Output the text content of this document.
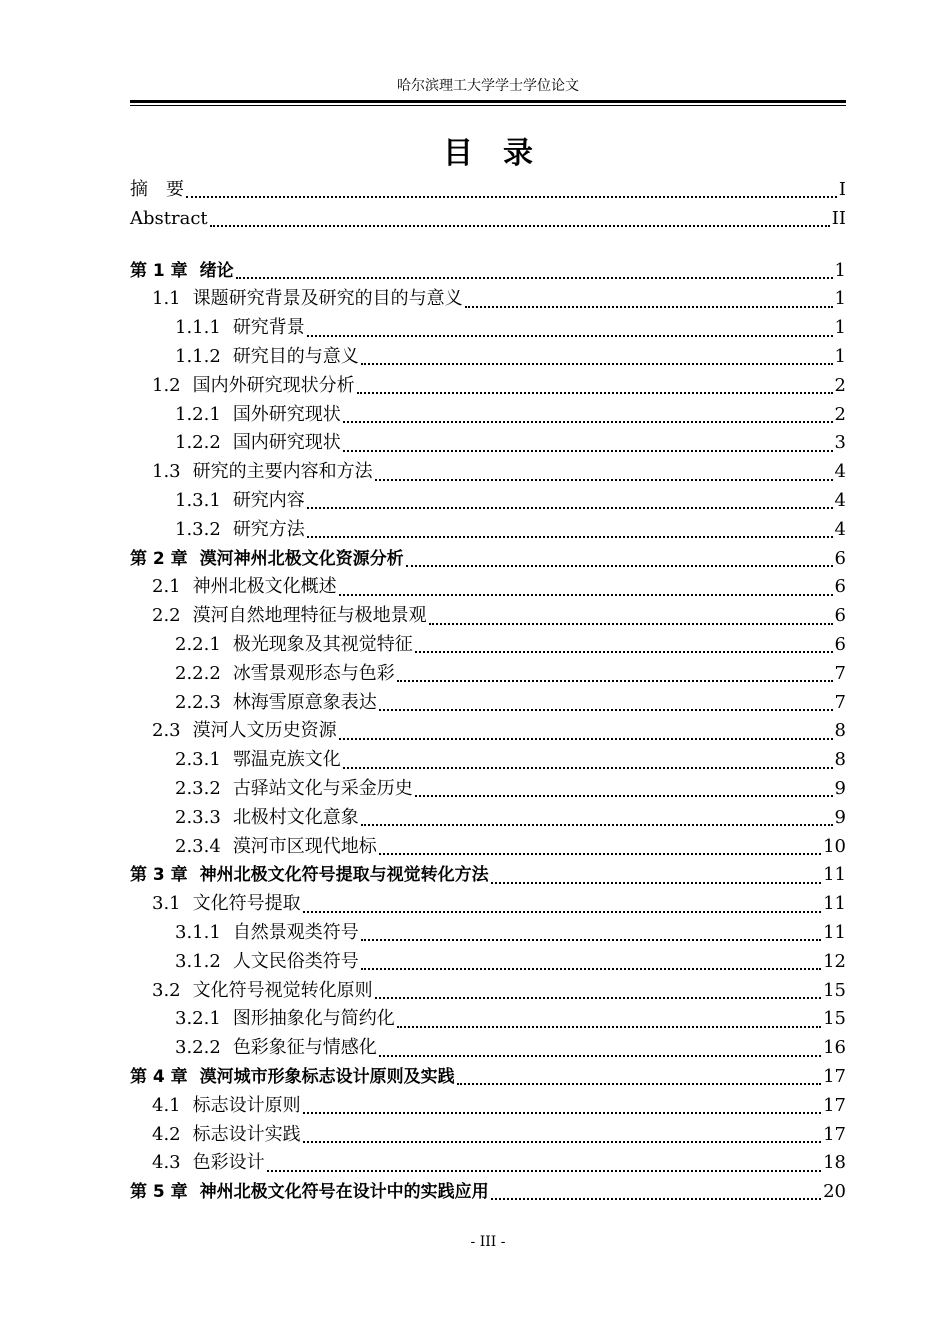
哈尔滨理工大学学士学位论文
目　录
摘　要	I
Abstract	II
第 1 章 绪论	1
1.1 课题研究背景及研究的目的与意义	1
1.1.1 研究背景	1
1.1.2 研究目的与意义	1
1.2 国内外研究现状分析	2
1.2.1 国外研究现状	2
1.2.2 国内研究现状	3
1.3 研究的主要内容和方法	4
1.3.1 研究内容	4
1.3.2 研究方法	4
第 2 章 漠河神州北极文化资源分析	6
2.1 神州北极文化概述	6
2.2 漠河自然地理特征与极地景观	6
2.2.1 极光现象及其视觉特征	6
2.2.2 冰雪景观形态与色彩	7
2.2.3 林海雪原意象表达	7
2.3 漠河人文历史资源	8
2.3.1 鄂温克族文化	8
2.3.2 古驿站文化与采金历史	9
2.3.3 北极村文化意象	9
2.3.4 漠河市区现代地标	10
第 3 章 神州北极文化符号提取与视觉转化方法	11
3.1 文化符号提取	11
3.1.1 自然景观类符号	11
3.1.2 人文民俗类符号	12
3.2 文化符号视觉转化原则	15
3.2.1 图形抽象化与简约化	15
3.2.2 色彩象征与情感化	16
第 4 章 漠河城市形象标志设计原则及实践	17
4.1 标志设计原则	17
4.2 标志设计实践	17
4.3 色彩设计	18
第 5 章 神州北极文化符号在设计中的实践应用	20
- III -
